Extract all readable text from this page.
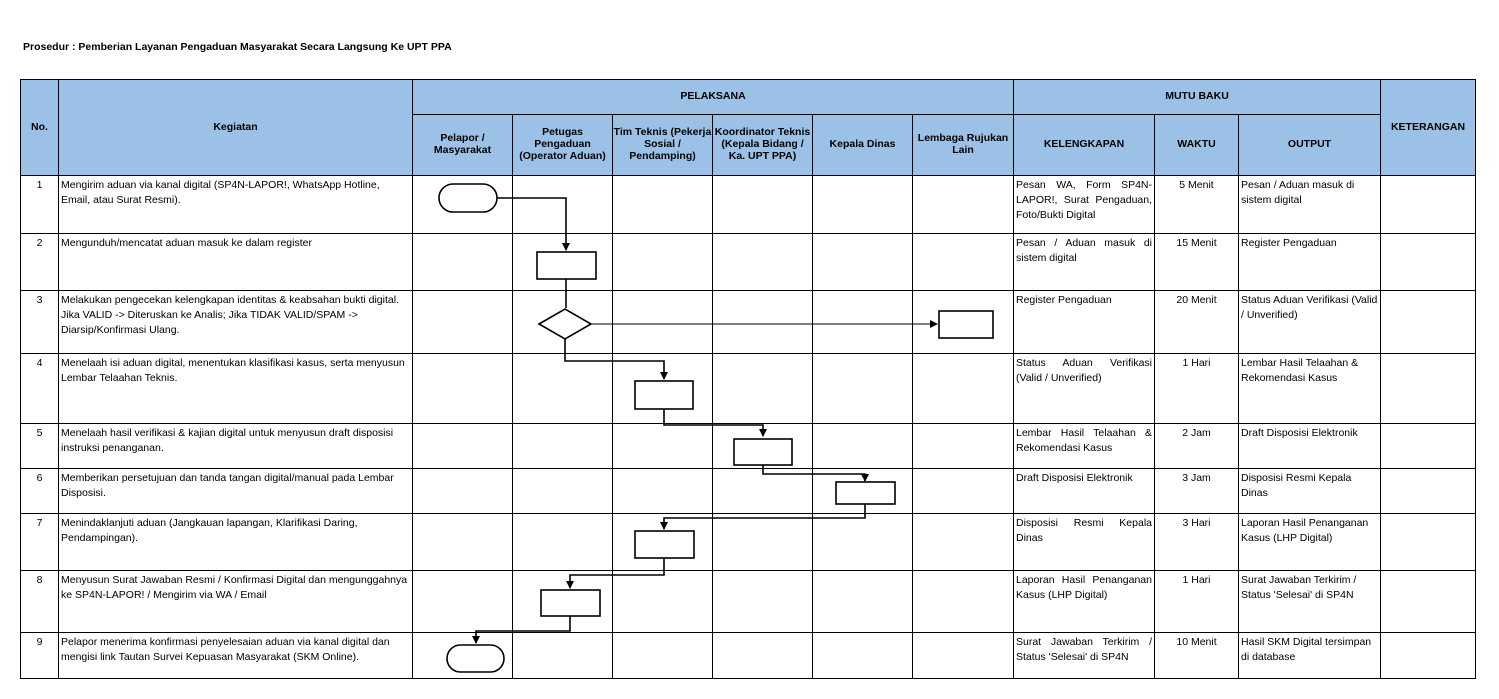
Prosedur : Pemberian Layanan Pengaduan Masyarakat Secara Langsung Ke UPT PPA
No.	Kegiatan	PELAKSANA						MUTU BAKU			KETERANGAN
		Pelapor / Masyarakat	Petugas Pengaduan (Operator Aduan)	Tim Teknis (Pekerja Sosial / Pendamping)	Koordinator Teknis (Kepala Bidang / Ka. UPT PPA)	Kepala Dinas	Lembaga Rujukan Lain	KELENGKAPAN	WAKTU	OUTPUT	
1	Mengirim aduan via kanal digital (SP4N-LAPOR!, WhatsApp Hotline, Email, atau Surat Resmi).							Pesan WA, Form SP4N-LAPOR!, Surat Pengaduan, Foto/Bukti Digital	5 Menit	Pesan / Aduan masuk di sistem digital	
2	Mengunduh/mencatat aduan masuk ke dalam register							Pesan / Aduan masuk di sistem digital	15 Menit	Register Pengaduan	
3	Melakukan pengecekan kelengkapan identitas & keabsahan bukti digital. Jika VALID -> Diteruskan ke Analis; Jika TIDAK VALID/SPAM -> Diarsip/Konfirmasi Ulang.							Register Pengaduan	20 Menit	Status Aduan Verifikasi (Valid / Unverified)	
4	Menelaah isi aduan digital, menentukan klasifikasi kasus, serta menyusun Lembar Telaahan Teknis.							Status Aduan Verifikasi (Valid / Unverified)	1 Hari	Lembar Hasil Telaahan & Rekomendasi Kasus	
5	Menelaah hasil verifikasi & kajian digital untuk menyusun draft disposisi instruksi penanganan.							Lembar Hasil Telaahan & Rekomendasi Kasus	2 Jam	Draft Disposisi Elektronik	
6	Memberikan persetujuan dan tanda tangan digital/manual pada Lembar Disposisi.							Draft Disposisi Elektronik	3 Jam	Disposisi Resmi Kepala Dinas	
7	Menindaklanjuti aduan (Jangkauan lapangan, Klarifikasi Daring, Pendampingan).							Disposisi Resmi Kepala Dinas	3 Hari	Laporan Hasil Penanganan Kasus (LHP Digital)	
8	Menyusun Surat Jawaban Resmi / Konfirmasi Digital dan mengunggahnya ke SP4N-LAPOR! / Mengirim via WA / Email							Laporan Hasil Penanganan Kasus (LHP Digital)	1 Hari	Surat Jawaban Terkirim / Status 'Selesai' di SP4N	
9	Pelapor menerima konfirmasi penyelesaian aduan via kanal digital dan mengisi link Tautan Survei Kepuasan Masyarakat (SKM Online).							Surat Jawaban Terkirim / Status 'Selesai' di SP4N	10 Menit	Hasil SKM Digital tersimpan di database	
